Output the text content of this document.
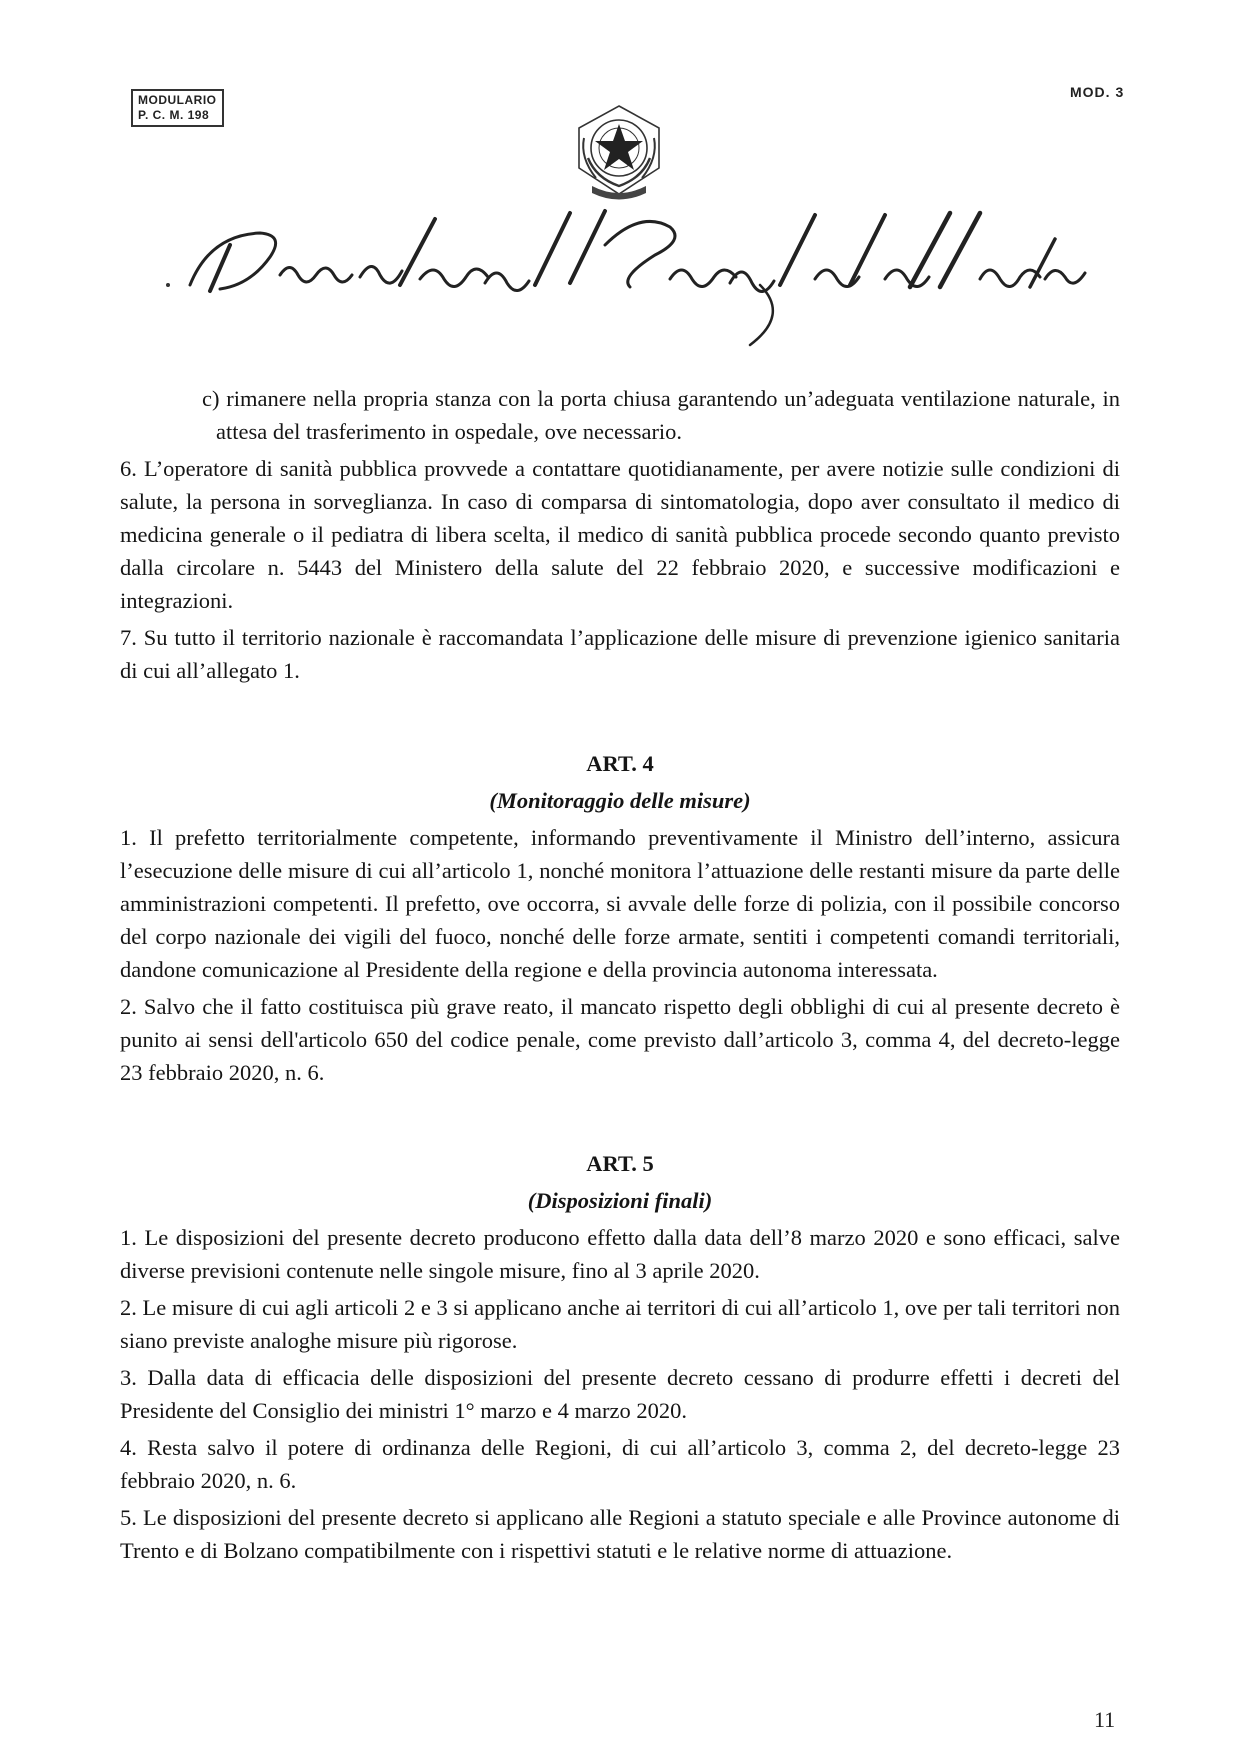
MODULARIO
P. C. M. 198
MOD. 3

c) rimanere nella propria stanza con la porta chiusa garantendo un’adeguata ventilazione naturale, in attesa del trasferimento in ospedale, ove necessario.

6. L’operatore di sanità pubblica provvede a contattare quotidianamente, per avere notizie sulle condizioni di salute, la persona in sorveglianza. In caso di comparsa di sintomatologia, dopo aver consultato il medico di medicina generale o il pediatra di libera scelta, il medico di sanità pubblica procede secondo quanto previsto dalla circolare n. 5443 del Ministero della salute del 22 febbraio 2020, e successive modificazioni e integrazioni.

7. Su tutto il territorio nazionale è raccomandata l’applicazione delle misure di prevenzione igienico sanitaria di cui all’allegato 1.

ART. 4

(Monitoraggio delle misure)

1. Il prefetto territorialmente competente, informando preventivamente il Ministro dell’interno, assicura l’esecuzione delle misure di cui all’articolo 1, nonché monitora l’attuazione delle restanti misure da parte delle amministrazioni competenti. Il prefetto, ove occorra, si avvale delle forze di polizia, con il possibile concorso del corpo nazionale dei vigili del fuoco, nonché delle forze armate, sentiti i competenti comandi territoriali, dandone comunicazione al Presidente della regione e della provincia autonoma interessata.

2. Salvo che il fatto costituisca più grave reato, il mancato rispetto degli obblighi di cui al presente decreto è punito ai sensi dell'articolo 650 del codice penale, come previsto dall’articolo 3, comma 4, del decreto-legge 23 febbraio 2020, n. 6.

ART. 5

(Disposizioni finali)

1. Le disposizioni del presente decreto producono effetto dalla data dell’8 marzo 2020 e sono efficaci, salve diverse previsioni contenute nelle singole misure, fino al 3 aprile 2020.

2. Le misure di cui agli articoli 2 e 3 si applicano anche ai territori di cui all’articolo 1, ove per tali territori non siano previste analoghe misure più rigorose.

3. Dalla data di efficacia delle disposizioni del presente decreto cessano di produrre effetti i decreti del Presidente del Consiglio dei ministri 1° marzo e 4 marzo 2020.

4. Resta salvo il potere di ordinanza delle Regioni, di cui all’articolo 3, comma 2, del decreto-legge 23 febbraio 2020, n. 6.

5. Le disposizioni del presente decreto si applicano alle Regioni a statuto speciale e alle Province autonome di Trento e di Bolzano compatibilmente con i rispettivi statuti e le relative norme di attuazione.

11
